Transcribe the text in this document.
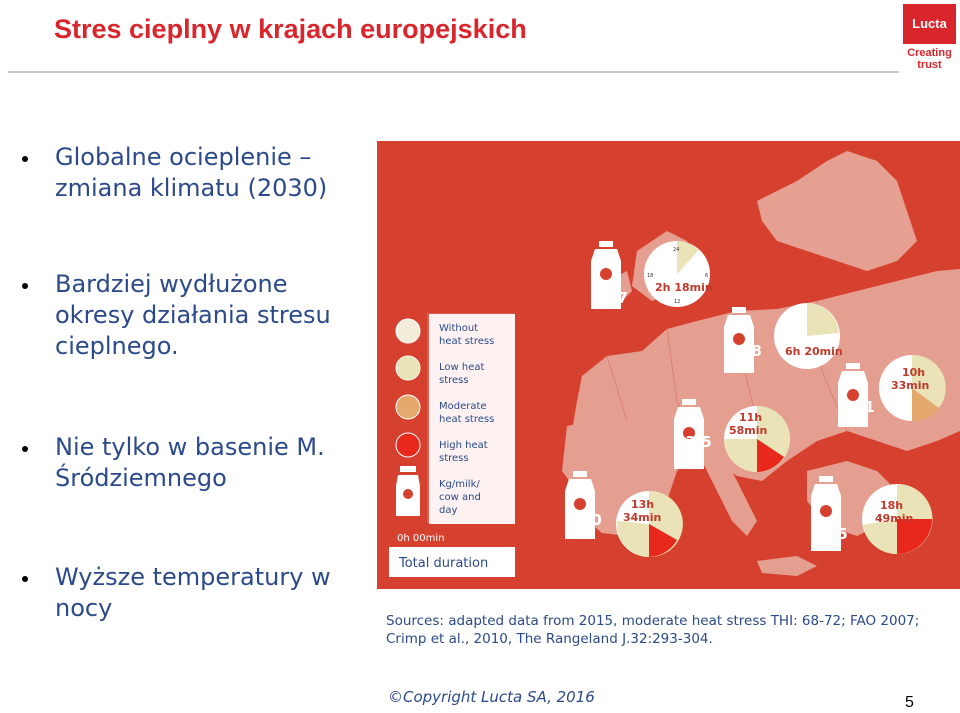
Stres cieplny w krajach europejskich	Lucta
Creating
trust
Globalne ocieplenie –
zmiana klimatu (2030)
Bardziej wydłużone
okresy działania stresu
cieplnego.
Nie tylko w basenie M.
Śródziemnego
Wyższe temperatury w
nocy
Without
heat stress
Low heat
stress
Moderate
heat stress
High heat
stress
Kg/milk/
cow and
day
0h 00min
Total duration
-0.7
24
18	6
12
2h 18min
-1.8 6h 20min
-3.1
10h
33min
-3.5
11h
58min
-4.0
13h
34min
-5.5
18h
49min
Sources: adapted data from 2015, moderate heat stress THI: 68-72; FAO 2007;
Crimp et al., 2010, The Rangeland J.32:293-304.
©Copyright Lucta SA, 2016	5
